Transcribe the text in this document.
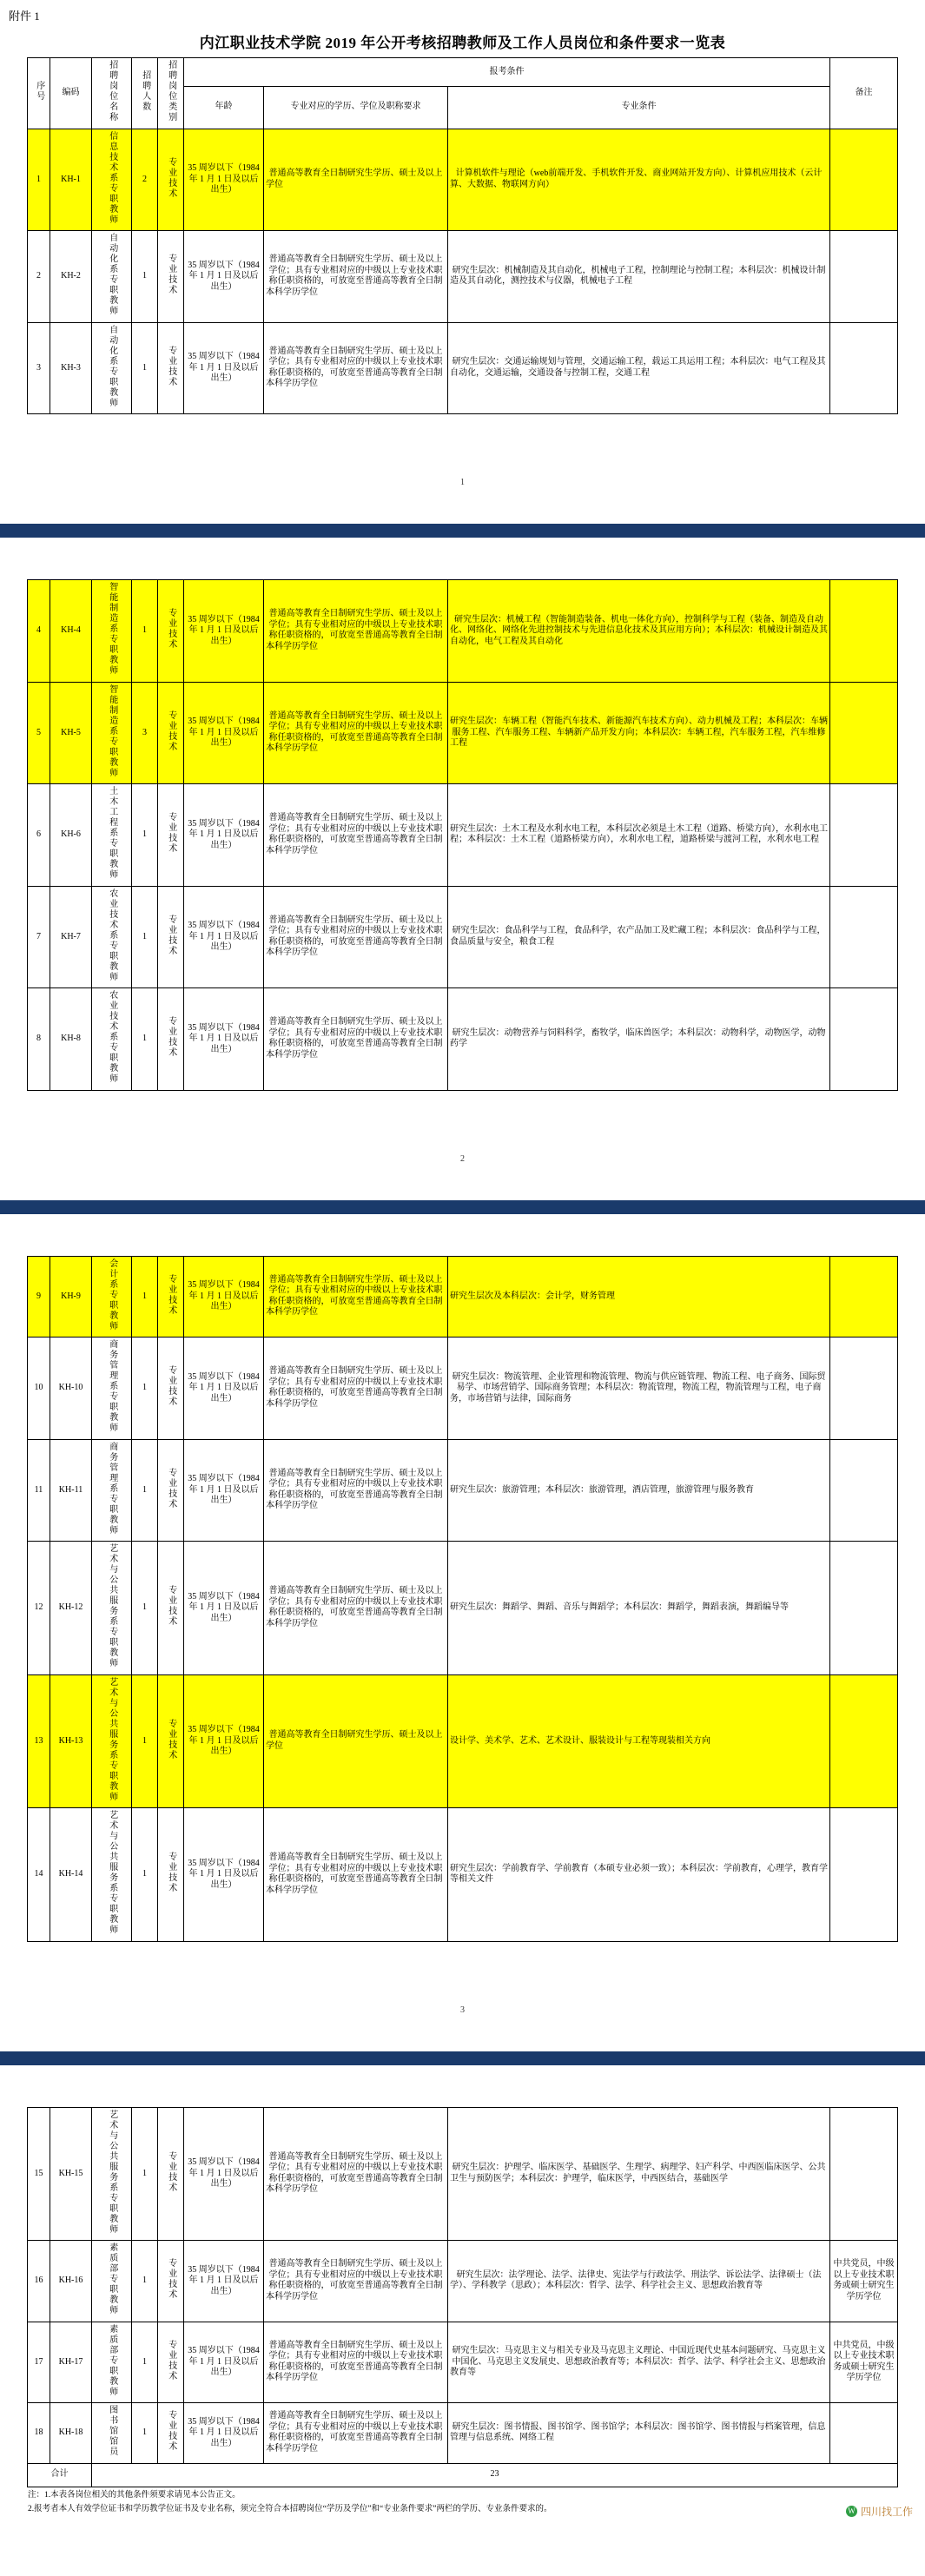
附件 1
内江职业技术学院 2019 年公开考核招聘教师及工作人员岗位和条件要求一览表
序号	编码	招聘岗位名称	招聘人数	招聘岗位类别	报考条件			备注
					年龄	专业对应的学历、学位及职称要求	专业条件	
1	KH-1	信息技术系专职教师	2	专业技术	35 周岁以下（1984 年 1 月 1 日及以后出生）	普通高等教育全日制研究生学历、硕士及以上学位	计算机软件与理论（web前端开发、手机软件开发、商业网站开发方向）、计算机应用技术（云计算、大数据、物联网方向）	
2	KH-2	自动化系专职教师	1	专业技术	35 周岁以下（1984 年 1 月 1 日及以后出生）	普通高等教育全日制研究生学历、硕士及以上学位；具有专业相对应的中级以上专业技术职称任职资格的，可放宽至普通高等教育全日制本科学历学位	研究生层次：机械制造及其自动化，机械电子工程，控制理论与控制工程；本科层次：机械设计制造及其自动化，测控技术与仪器，机械电子工程	
3	KH-3	自动化系专职教师	1	专业技术	35 周岁以下（1984 年 1 月 1 日及以后出生）	普通高等教育全日制研究生学历、硕士及以上学位；具有专业相对应的中级以上专业技术职称任职资格的，可放宽至普通高等教育全日制本科学历学位	研究生层次：交通运输规划与管理，交通运输工程，载运工具运用工程；本科层次：电气工程及其自动化，交通运输，交通设备与控制工程，交通工程	
1
4	KH-4	智能制造系专职教师	1	专业技术	35 周岁以下（1984 年 1 月 1 日及以后出生）	普通高等教育全日制研究生学历、硕士及以上学位；具有专业相对应的中级以上专业技术职称任职资格的，可放宽至普通高等教育全日制本科学历学位	研究生层次：机械工程（智能制造装备、机电一体化方向），控制科学与工程（装备、制造及自动化、网络化、网络化先进控制技术与先进信息化技术及其应用方向）；本科层次：机械设计制造及其自动化，电气工程及其自动化	
5	KH-5	智能制造系专职教师	3	专业技术	35 周岁以下（1984 年 1 月 1 日及以后出生）	普通高等教育全日制研究生学历、硕士及以上学位；具有专业相对应的中级以上专业技术职称任职资格的，可放宽至普通高等教育全日制本科学历学位	研究生层次：车辆工程（智能汽车技术、新能源汽车技术方向）、动力机械及工程；本科层次：车辆服务工程、汽车服务工程、车辆新产品开发方向；本科层次：车辆工程，汽车服务工程，汽车维修工程	
6	KH-6	土木工程系专职教师	1	专业技术	35 周岁以下（1984 年 1 月 1 日及以后出生）	普通高等教育全日制研究生学历、硕士及以上学位；具有专业相对应的中级以上专业技术职称任职资格的，可放宽至普通高等教育全日制本科学历学位	研究生层次：土木工程及水利水电工程，本科层次必须是土木工程（道路、桥梁方向），水利水电工程；本科层次：土木工程（道路桥梁方向），水利水电工程，道路桥梁与渡河工程，水利水电工程	
7	KH-7	农业技术系专职教师	1	专业技术	35 周岁以下（1984 年 1 月 1 日及以后出生）	普通高等教育全日制研究生学历、硕士及以上学位；具有专业相对应的中级以上专业技术职称任职资格的，可放宽至普通高等教育全日制本科学历学位	研究生层次：食品科学与工程，食品科学，农产品加工及贮藏工程；本科层次：食品科学与工程，食品质量与安全，粮食工程	
8	KH-8	农业技术系专职教师	1	专业技术	35 周岁以下（1984 年 1 月 1 日及以后出生）	普通高等教育全日制研究生学历、硕士及以上学位；具有专业相对应的中级以上专业技术职称任职资格的，可放宽至普通高等教育全日制本科学历学位	研究生层次：动物营养与饲料科学，畜牧学，临床兽医学；本科层次：动物科学，动物医学，动物药学	
2
9	KH-9	会计系专职教师	1	专业技术	35 周岁以下（1984 年 1 月 1 日及以后出生）	普通高等教育全日制研究生学历、硕士及以上学位；具有专业相对应的中级以上专业技术职称任职资格的，可放宽至普通高等教育全日制本科学历学位	研究生层次及本科层次：会计学，财务管理	
10	KH-10	商务管理系专职教师	1	专业技术	35 周岁以下（1984 年 1 月 1 日及以后出生）	普通高等教育全日制研究生学历、硕士及以上学位；具有专业相对应的中级以上专业技术职称任职资格的，可放宽至普通高等教育全日制本科学历学位	研究生层次：物流管理、企业管理和物流管理、物流与供应链管理、物流工程、电子商务、国际贸易学、市场营销学、国际商务管理；本科层次：物流管理，物流工程，物流管理与工程，电子商务，市场营销与法律，国际商务	
11	KH-11	商务管理系专职教师	1	专业技术	35 周岁以下（1984 年 1 月 1 日及以后出生）	普通高等教育全日制研究生学历、硕士及以上学位；具有专业相对应的中级以上专业技术职称任职资格的，可放宽至普通高等教育全日制本科学历学位	研究生层次：旅游管理；本科层次：旅游管理，酒店管理，旅游管理与服务教育	
12	KH-12	艺术与公共服务系专职教师	1	专业技术	35 周岁以下（1984 年 1 月 1 日及以后出生）	普通高等教育全日制研究生学历、硕士及以上学位；具有专业相对应的中级以上专业技术职称任职资格的，可放宽至普通高等教育全日制本科学历学位	研究生层次：舞蹈学、舞蹈、音乐与舞蹈学；本科层次：舞蹈学，舞蹈表演，舞蹈编导等	
13	KH-13	艺术与公共服务系专职教师	1	专业技术	35 周岁以下（1984 年 1 月 1 日及以后出生）	普通高等教育全日制研究生学历、硕士及以上学位	设计学、美术学、艺术、艺术设计、服装设计与工程等现装相关方向	
14	KH-14	艺术与公共服务系专职教师	1	专业技术	35 周岁以下（1984 年 1 月 1 日及以后出生）	普通高等教育全日制研究生学历、硕士及以上学位；具有专业相对应的中级以上专业技术职称任职资格的，可放宽至普通高等教育全日制本科学历学位	研究生层次：学前教育学、学前教育（本硕专业必须一致）；本科层次：学前教育，心理学，教育学等相关文件	
3
15	KH-15	艺术与公共服务系专职教师	1	专业技术	35 周岁以下（1984 年 1 月 1 日及以后出生）	普通高等教育全日制研究生学历、硕士及以上学位；具有专业相对应的中级以上专业技术职称任职资格的，可放宽至普通高等教育全日制本科学历学位	研究生层次：护理学、临床医学、基础医学、生理学、病理学、妇产科学、中西医临床医学、公共卫生与预防医学；本科层次：护理学，临床医学，中西医结合，基础医学	
16	KH-16	素质部专职教师	1	专业技术	35 周岁以下（1984 年 1 月 1 日及以后出生）	普通高等教育全日制研究生学历、硕士及以上学位；具有专业相对应的中级以上专业技术职称任职资格的，可放宽至普通高等教育全日制本科学历学位	研究生层次：法学理论、法学、法律史、宪法学与行政法学、刑法学、诉讼法学、法律硕士（法学）、学科教学（思政）；本科层次：哲学、法学、科学社会主义、思想政治教育等	中共党员，中级以上专业技术职务或硕士研究生学历学位
17	KH-17	素质部专职教师	1	专业技术	35 周岁以下（1984 年 1 月 1 日及以后出生）	普通高等教育全日制研究生学历、硕士及以上学位；具有专业相对应的中级以上专业技术职称任职资格的，可放宽至普通高等教育全日制本科学历学位	研究生层次：马克思主义与相关专业及马克思主义理论、中国近现代史基本问题研究、马克思主义中国化、马克思主义发展史、思想政治教育等；本科层次：哲学、法学、科学社会主义、思想政治教育等	中共党员，中级以上专业技术职务或硕士研究生学历学位
18	KH-18	图书馆馆员	1	专业技术	35 周岁以下（1984 年 1 月 1 日及以后出生）	普通高等教育全日制研究生学历、硕士及以上学位；具有专业相对应的中级以上专业技术职称任职资格的，可放宽至普通高等教育全日制本科学历学位	研究生层次：图书情报、图书馆学、图书馆学；本科层次：图书馆学、图书情报与档案管理，信息管理与信息系统、网络工程	
合计		23						
注：1.本表各岗位相关的其他条件须要求请见本公告正文。
2.报考者本人有效学位证书和学历教学位证书及专业名称，须完全符合本招聘岗位“学历及学位”和“专业条件要求”两栏的学历、专业条件要求的。	W 四川找工作
